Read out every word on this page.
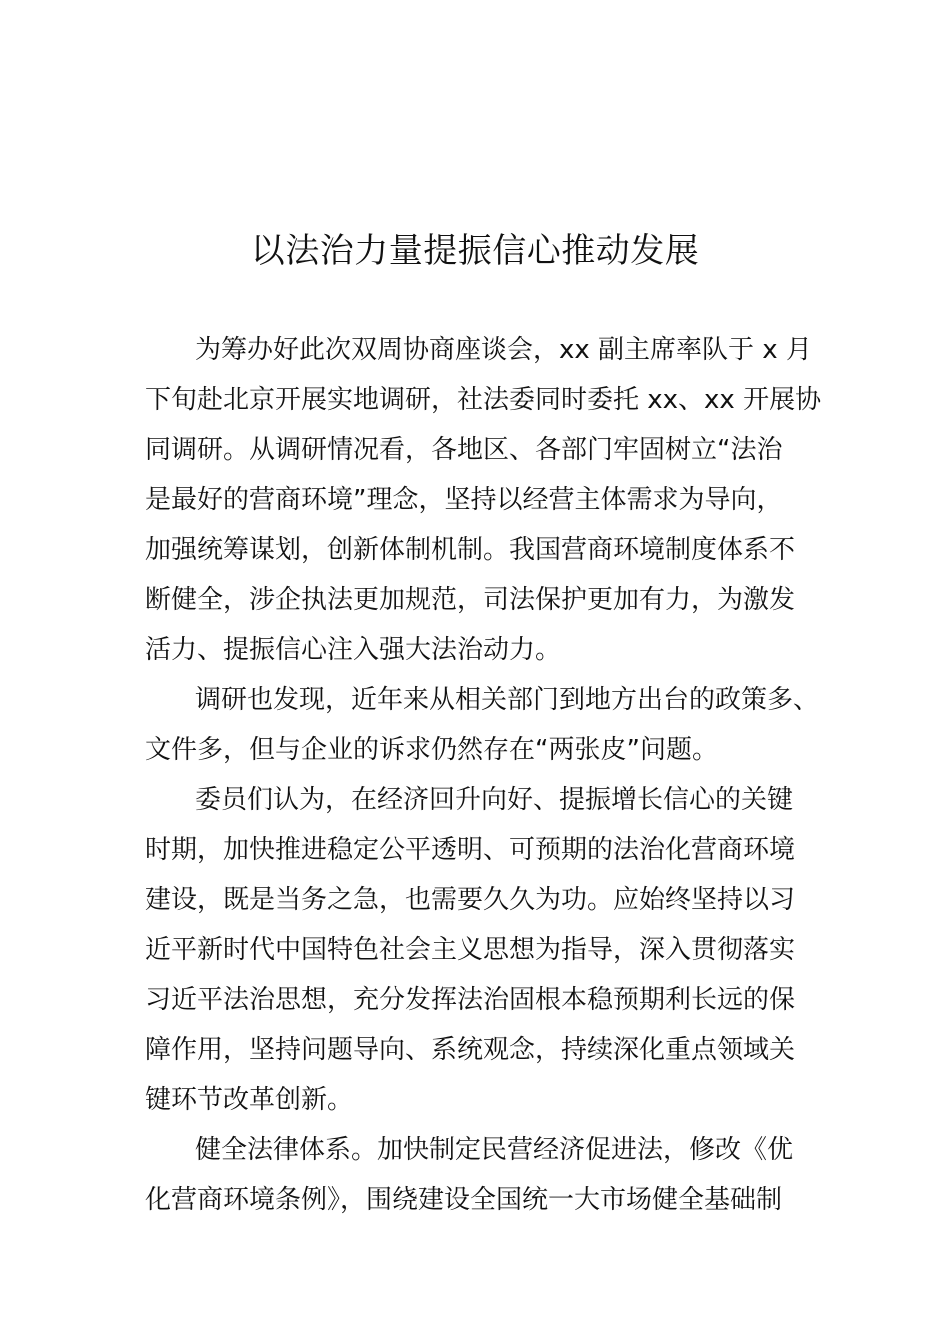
以法治力量提振信心推动发展
为筹办好此次双周协商座谈会，xx 副主席率队于 x 月
下旬赴北京开展实地调研，社法委同时委托 xx、xx 开展协
同调研。从调研情况看，各地区、各部门牢固树立“法治
是最好的营商环境”理念，坚持以经营主体需求为导向，
加强统筹谋划，创新体制机制。我国营商环境制度体系不
断健全，涉企执法更加规范，司法保护更加有力，为激发
活力、提振信心注入强大法治动力。
调研也发现，近年来从相关部门到地方出台的政策多、
文件多，但与企业的诉求仍然存在“两张皮”问题。
委员们认为，在经济回升向好、提振增长信心的关键
时期，加快推进稳定公平透明、可预期的法治化营商环境
建设，既是当务之急，也需要久久为功。应始终坚持以习
近平新时代中国特色社会主义思想为指导，深入贯彻落实
习近平法治思想，充分发挥法治固根本稳预期利长远的保
障作用，坚持问题导向、系统观念，持续深化重点领域关
键环节改革创新。
健全法律体系。加快制定民营经济促进法，修改《优
化营商环境条例》，围绕建设全国统一大市场健全基础制
